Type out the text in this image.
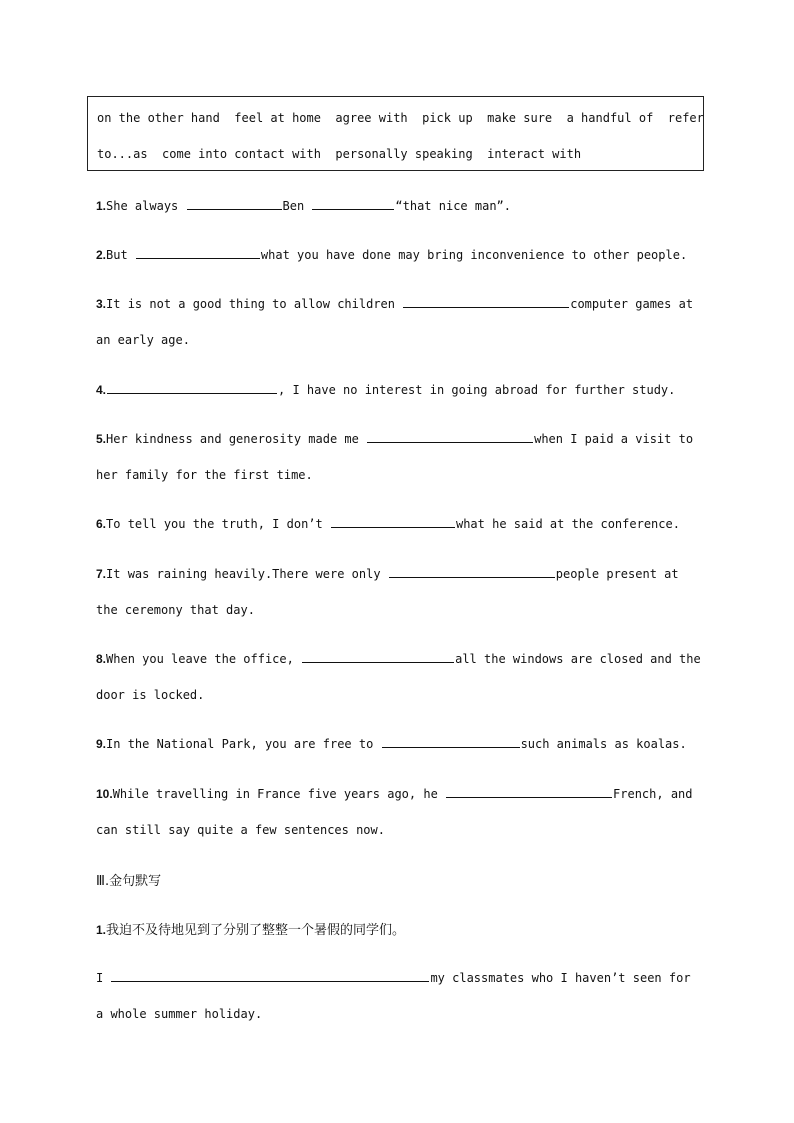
on the other hand  feel at home  agree with  pick up  make sure  a handful of  refer
to...as  come into contact with  personally speaking  interact with
1.She always	Ben	“that nice man”.
2.But	what you have done may bring inconvenience to other people.
3.It is not a good thing to allow children	computer games at
an early age.
4.	, I have no interest in going abroad for further study.
5.Her kindness and generosity made me	when I paid a visit to
her family for the first time.
6.To tell you the truth, I don’t	what he said at the conference.
7.It was raining heavily.There were only	people present at
the ceremony that day.
8.When you leave the office,	all the windows are closed and the
door is locked.
9.In the National Park, you are free to	such animals as koalas.
10.While travelling in France five years ago, he	French, and
can still say quite a few sentences now.
Ⅲ.金句默写
1.我迫不及待地见到了分别了整整一个暑假的同学们。
I	my classmates who I haven’t seen for
a whole summer holiday.
